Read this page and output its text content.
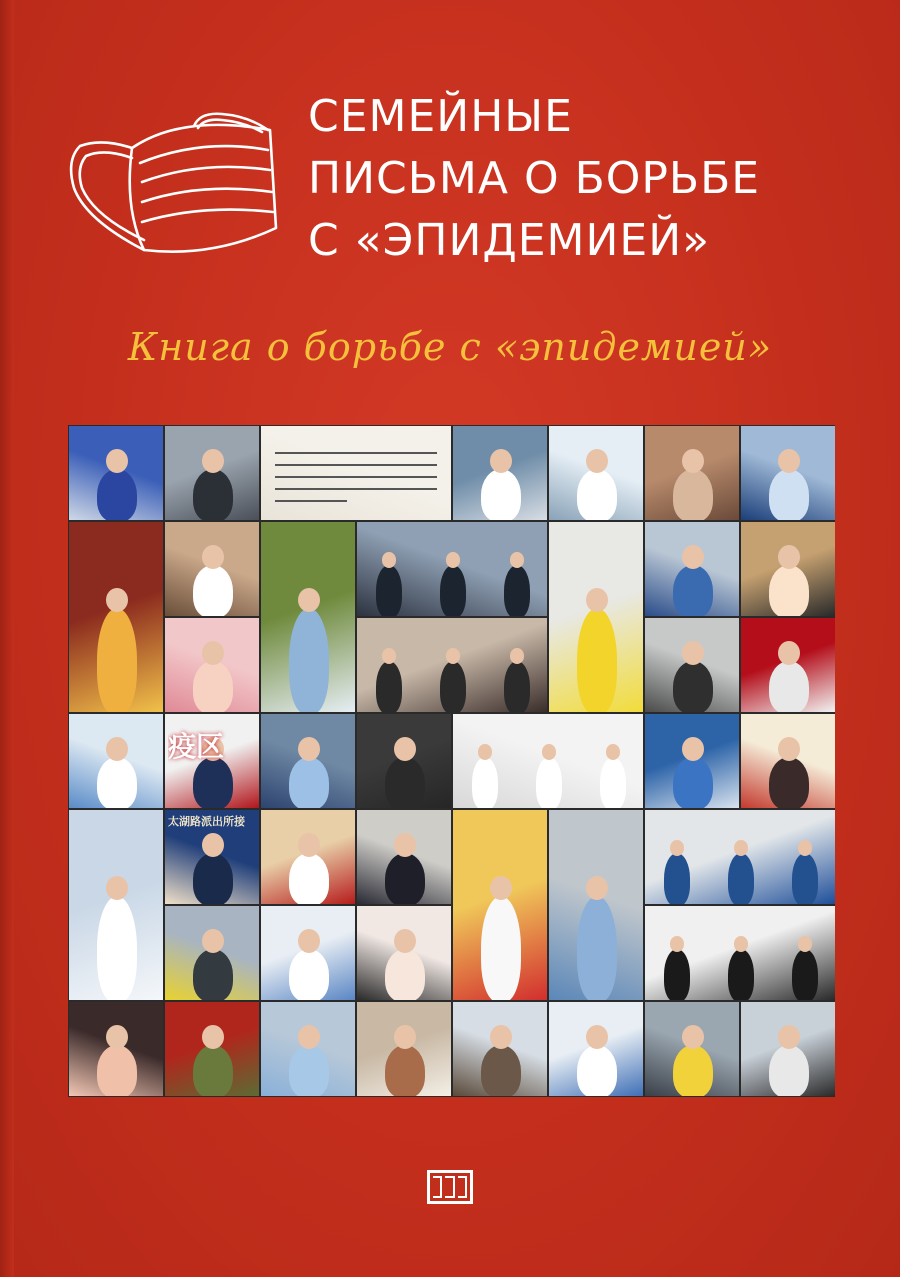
СЕМЕЙНЫЕ
ПИСЬМА О БОРЬБЕ
С «ЭПИДЕМИЕЙ»
Книга о борьбе с «эпидемией»
疫区
太湖路派出所接
